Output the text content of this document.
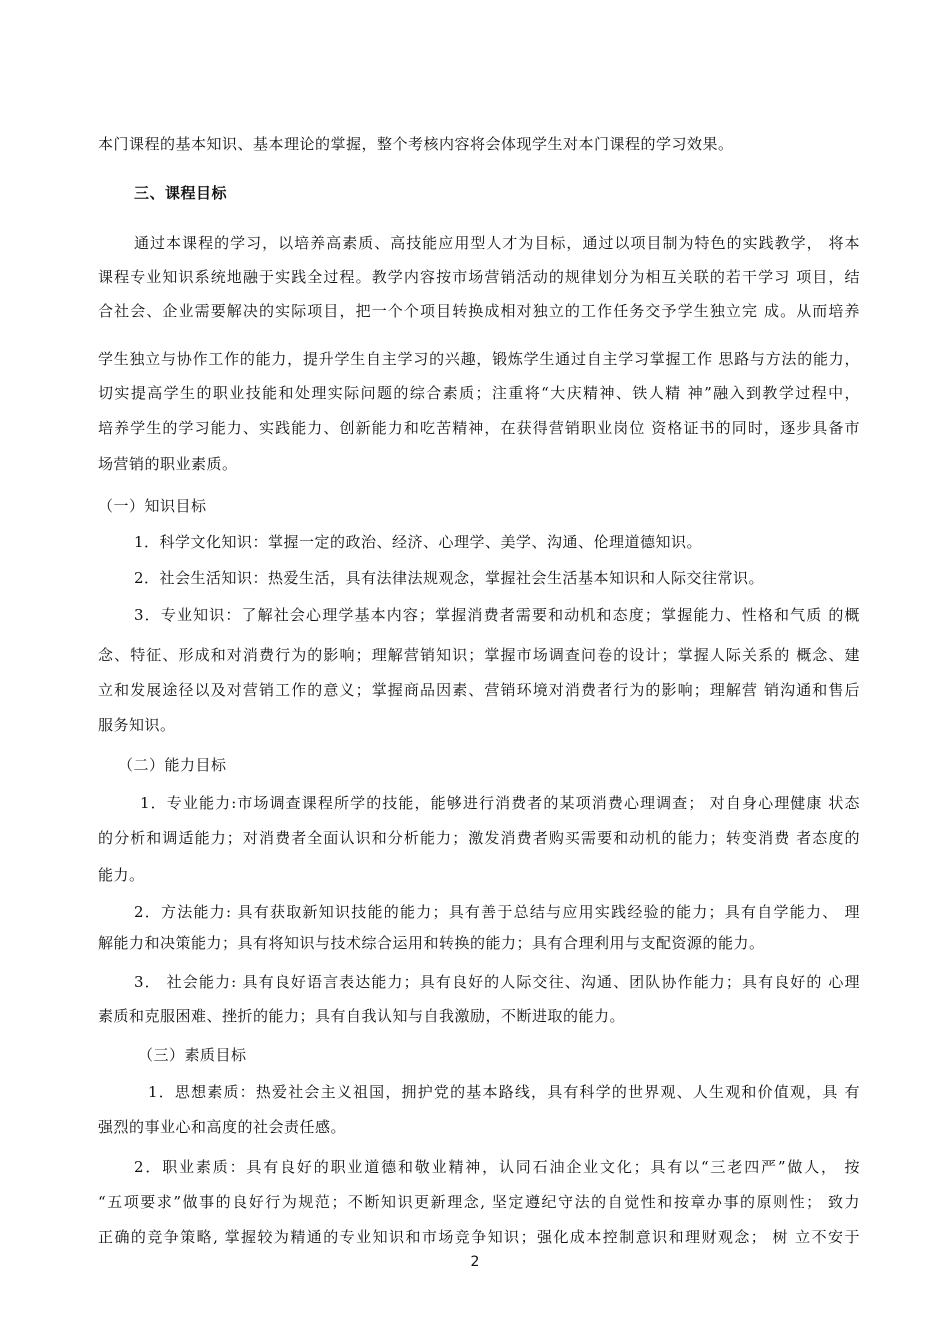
本门课程的基本知识、基本理论的掌握，整个考核内容将会体现学生对本门课程的学习效果。
三、课程目标
通过本课程的学习，以培养高素质、高技能应用型人才为目标，通过以项目制为特色的实践教学， 将本
课程专业知识系统地融于实践全过程。教学内容按市场营销活动的规律划分为相互关联的若干学习 项目，结
合社会、企业需要解决的实际项目，把一个个项目转换成相对独立的工作任务交予学生独立完 成。从而培养
学生独立与协作工作的能力，提升学生自主学习的兴趣，锻炼学生通过自主学习掌握工作 思路与方法的能力，
切实提高学生的职业技能和处理实际问题的综合素质；注重将“大庆精神、铁人精 神”融入到教学过程中，
培养学生的学习能力、实践能力、创新能力和吃苦精神，在获得营销职业岗位 资格证书的同时，逐步具备市
场营销的职业素质。
（一）知识目标
1．科学文化知识：掌握一定的政治、经济、心理学、美学、沟通、伦理道德知识。
2．社会生活知识：热爱生活，具有法律法规观念，掌握社会生活基本知识和人际交往常识。
3．专业知识：了解社会心理学基本内容；掌握消费者需要和动机和态度；掌握能力、性格和气质 的概
念、特征、形成和对消费行为的影响；理解营销知识；掌握市场调查问卷的设计；掌握人际关系的 概念、建
立和发展途径以及对营销工作的意义；掌握商品因素、营销环境对消费者行为的影响；理解营 销沟通和售后
服务知识。
（二）能力目标
1．专业能力:市场调查课程所学的技能，能够进行消费者的某项消费心理调查； 对自身心理健康 状态
的分析和调适能力；对消费者全面认识和分析能力；激发消费者购买需要和动机的能力；转变消费 者态度的
能力。
2．方法能力: 具有获取新知识技能的能力；具有善于总结与应用实践经验的能力；具有自学能力、 理
解能力和决策能力；具有将知识与技术综合运用和转换的能力；具有合理利用与支配资源的能力。
3． 社会能力: 具有良好语言表达能力；具有良好的人际交往、沟通、团队协作能力；具有良好的 心理
素质和克服困难、挫折的能力；具有自我认知与自我激励，不断进取的能力。
（三）素质目标
1．思想素质：热爱社会主义祖国，拥护党的基本路线，具有科学的世界观、人生观和价值观，具 有
强烈的事业心和高度的社会责任感。
2．职业素质：具有良好的职业道德和敬业精神，认同石油企业文化；具有以“三老四严”做人， 按
“五项要求”做事的良好行为规范；不断知识更新理念, 坚定遵纪守法的自觉性和按章办事的原则性； 致力
正确的竞争策略, 掌握较为精通的专业知识和市场竞争知识；强化成本控制意识和理财观念； 树 立不安于
2
